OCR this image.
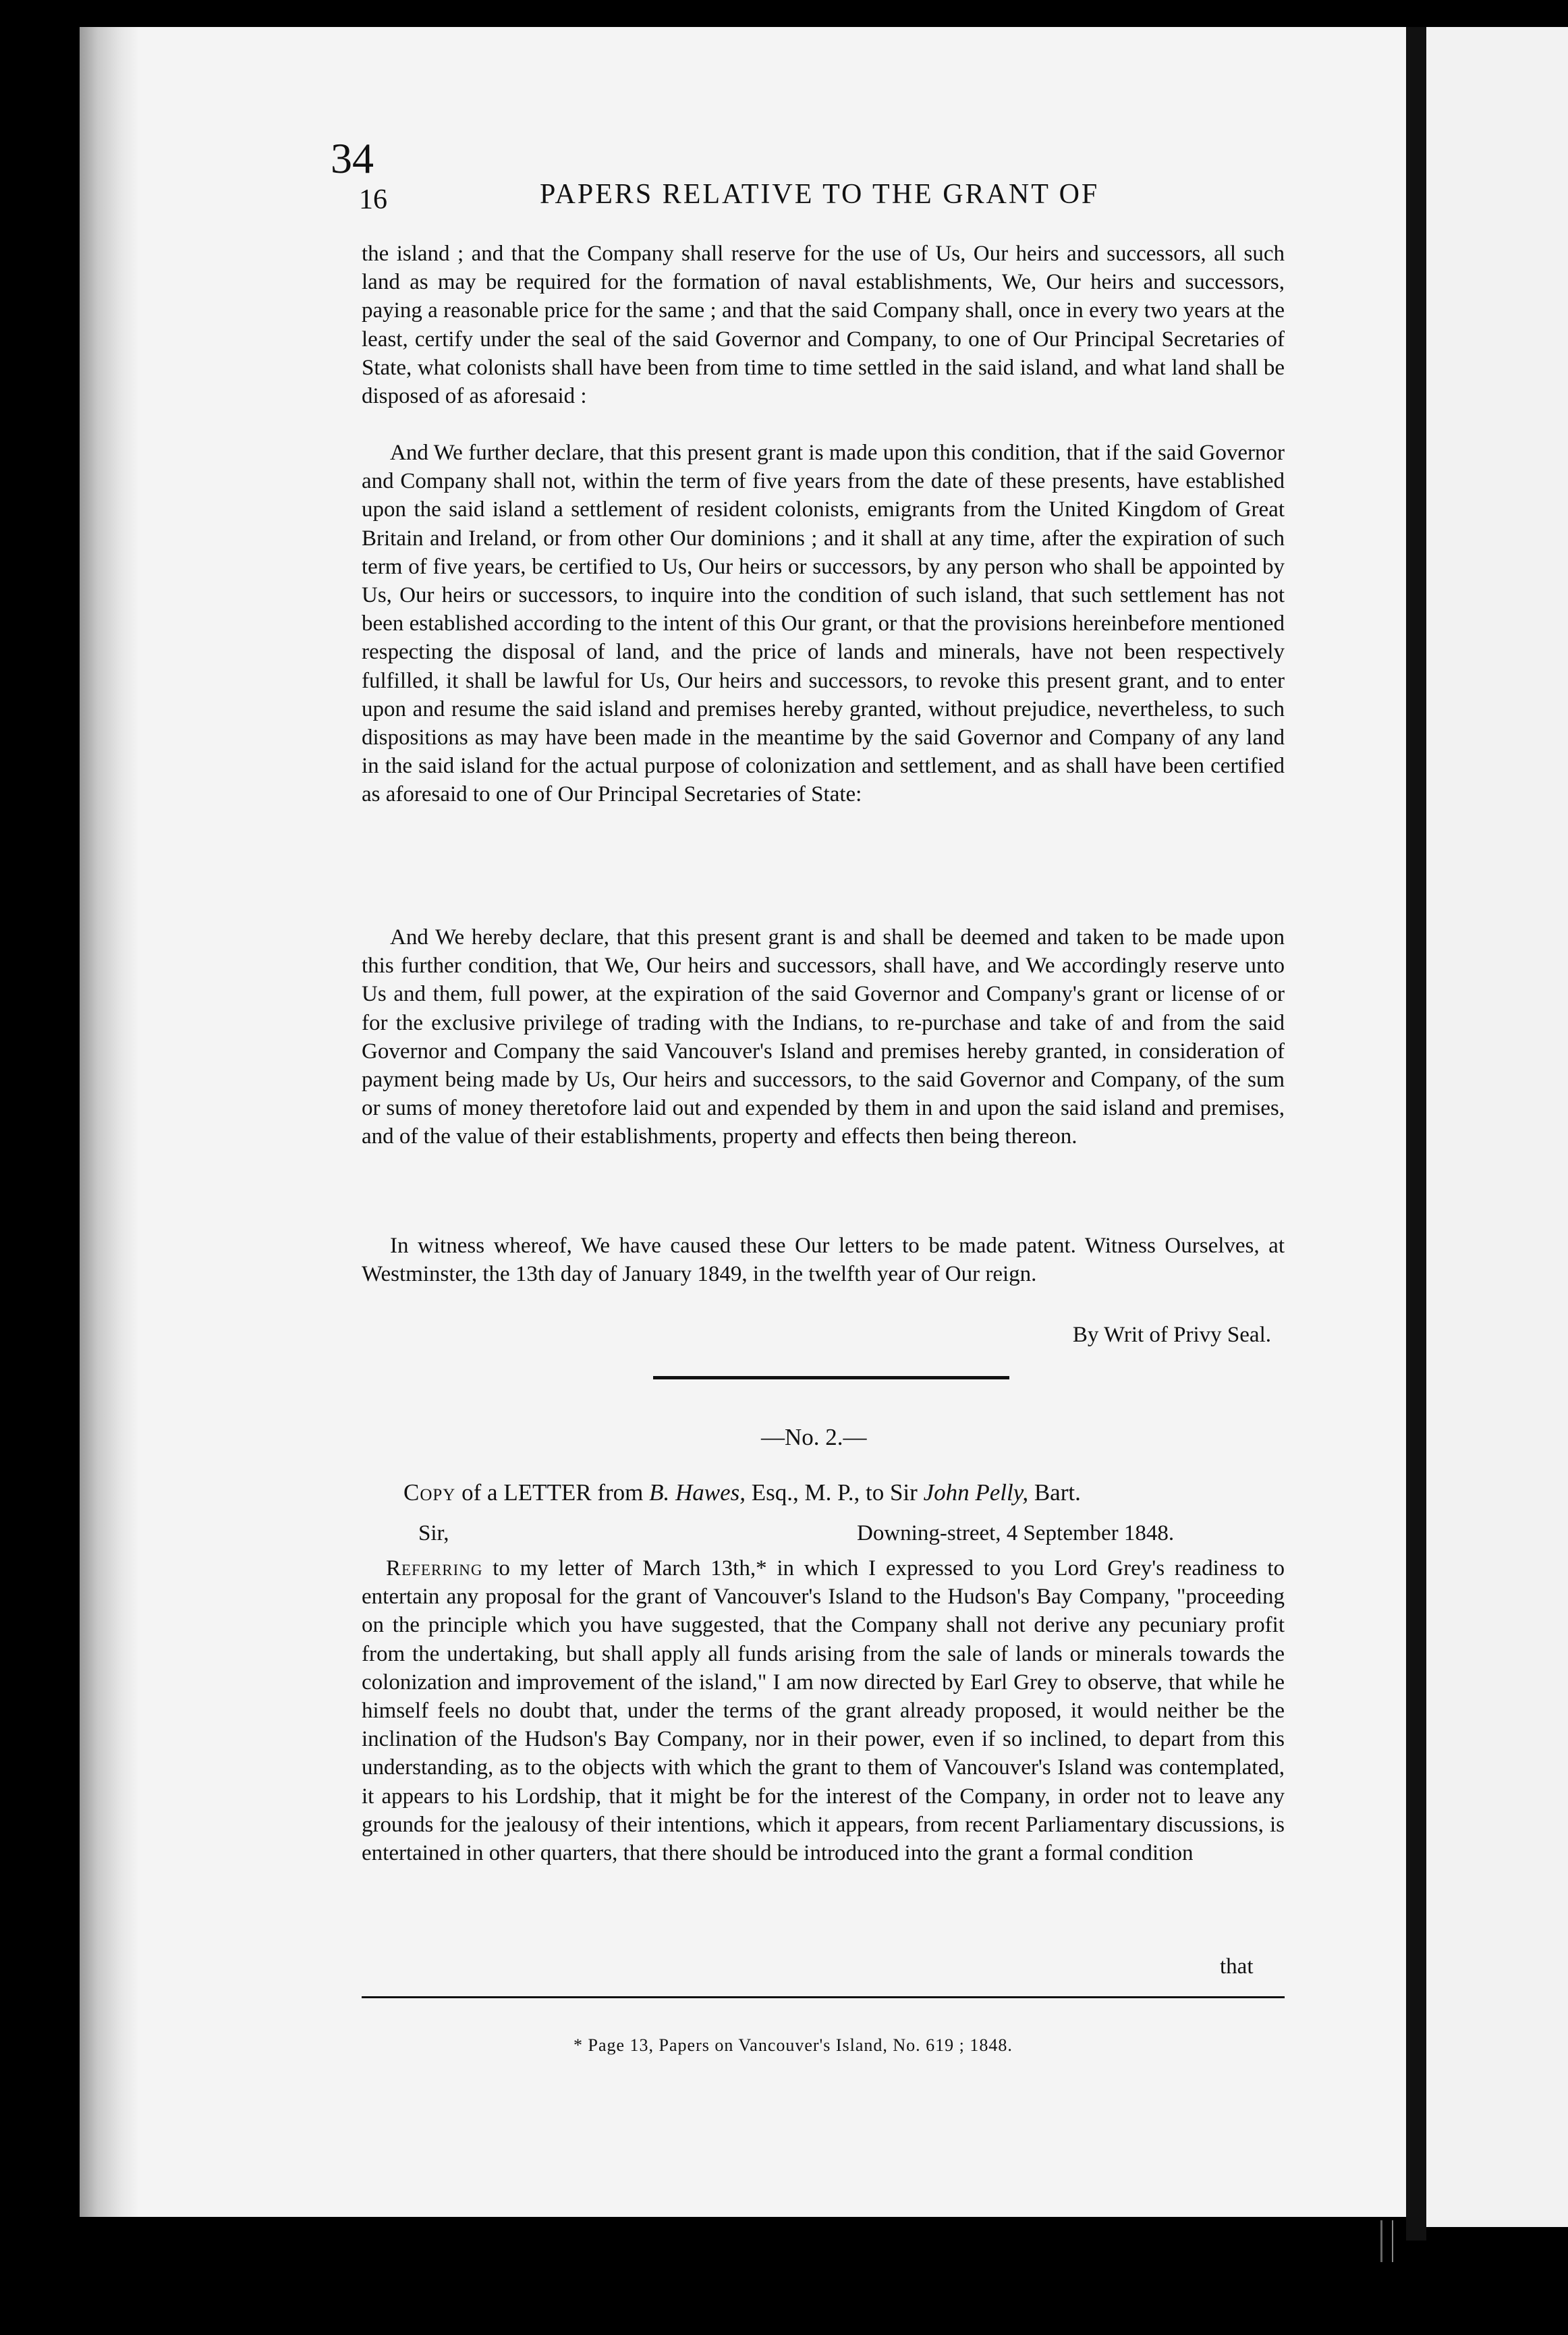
34
16	PAPERS RELATIVE TO THE GRANT OF

the island ; and that the Company shall reserve for the use of Us, Our heirs and successors, all such land as may be required for the formation of naval establishments, We, Our heirs and successors, paying a reasonable price for the same ; and that the said Company shall, once in every two years at the least, certify under the seal of the said Governor and Company, to one of Our Principal Secretaries of State, what colonists shall have been from time to time settled in the said island, and what land shall be disposed of as aforesaid :

And We further declare, that this present grant is made upon this condition, that if the said Governor and Company shall not, within the term of five years from the date of these presents, have established upon the said island a settlement of resident colonists, emigrants from the United Kingdom of Great Britain and Ireland, or from other Our dominions ; and it shall at any time, after the expiration of such term of five years, be certified to Us, Our heirs or successors, by any person who shall be appointed by Us, Our heirs or successors, to inquire into the condition of such island, that such settlement has not been established according to the intent of this Our grant, or that the provisions hereinbefore mentioned respecting the disposal of land, and the price of lands and minerals, have not been respectively fulfilled, it shall be lawful for Us, Our heirs and successors, to revoke this present grant, and to enter upon and resume the said island and premises hereby granted, without prejudice, nevertheless, to such dispositions as may have been made in the meantime by the said Governor and Company of any land in the said island for the actual purpose of colonization and settlement, and as shall have been certified as aforesaid to one of Our Principal Secretaries of State:

And We hereby declare, that this present grant is and shall be deemed and taken to be made upon this further condition, that We, Our heirs and successors, shall have, and We accordingly reserve unto Us and them, full power, at the expiration of the said Governor and Company's grant or license of or for the exclusive privilege of trading with the Indians, to re-purchase and take of and from the said Governor and Company the said Vancouver's Island and premises hereby granted, in consideration of payment being made by Us, Our heirs and successors, to the said Governor and Company, of the sum or sums of money theretofore laid out and expended by them in and upon the said island and premises, and of the value of their establishments, property and effects then being thereon.

In witness whereof, We have caused these Our letters to be made patent. Witness Ourselves, at Westminster, the 13th day of January 1849, in the twelfth year of Our reign.

By Writ of Privy Seal.
—No. 2.—
Copy of a LETTER from B. Hawes, Esq., M. P., to Sir John Pelly, Bart.
Sir,	Downing-street, 4 September 1848.

Referring to my letter of March 13th,* in which I expressed to you Lord Grey's readiness to entertain any proposal for the grant of Vancouver's Island to the Hudson's Bay Company, "proceeding on the principle which you have suggested, that the Company shall not derive any pecuniary profit from the undertaking, but shall apply all funds arising from the sale of lands or minerals towards the colonization and improvement of the island," I am now directed by Earl Grey to observe, that while he himself feels no doubt that, under the terms of the grant already proposed, it would neither be the inclination of the Hudson's Bay Company, nor in their power, even if so inclined, to depart from this understanding, as to the objects with which the grant to them of Vancouver's Island was contemplated, it appears to his Lordship, that it might be for the interest of the Company, in order not to leave any grounds for the jealousy of their intentions, which it appears, from recent Parliamentary discussions, is entertained in other quarters, that there should be introduced into the grant a formal condition

that
* Page 13, Papers on Vancouver's Island, No. 619 ; 1848.
